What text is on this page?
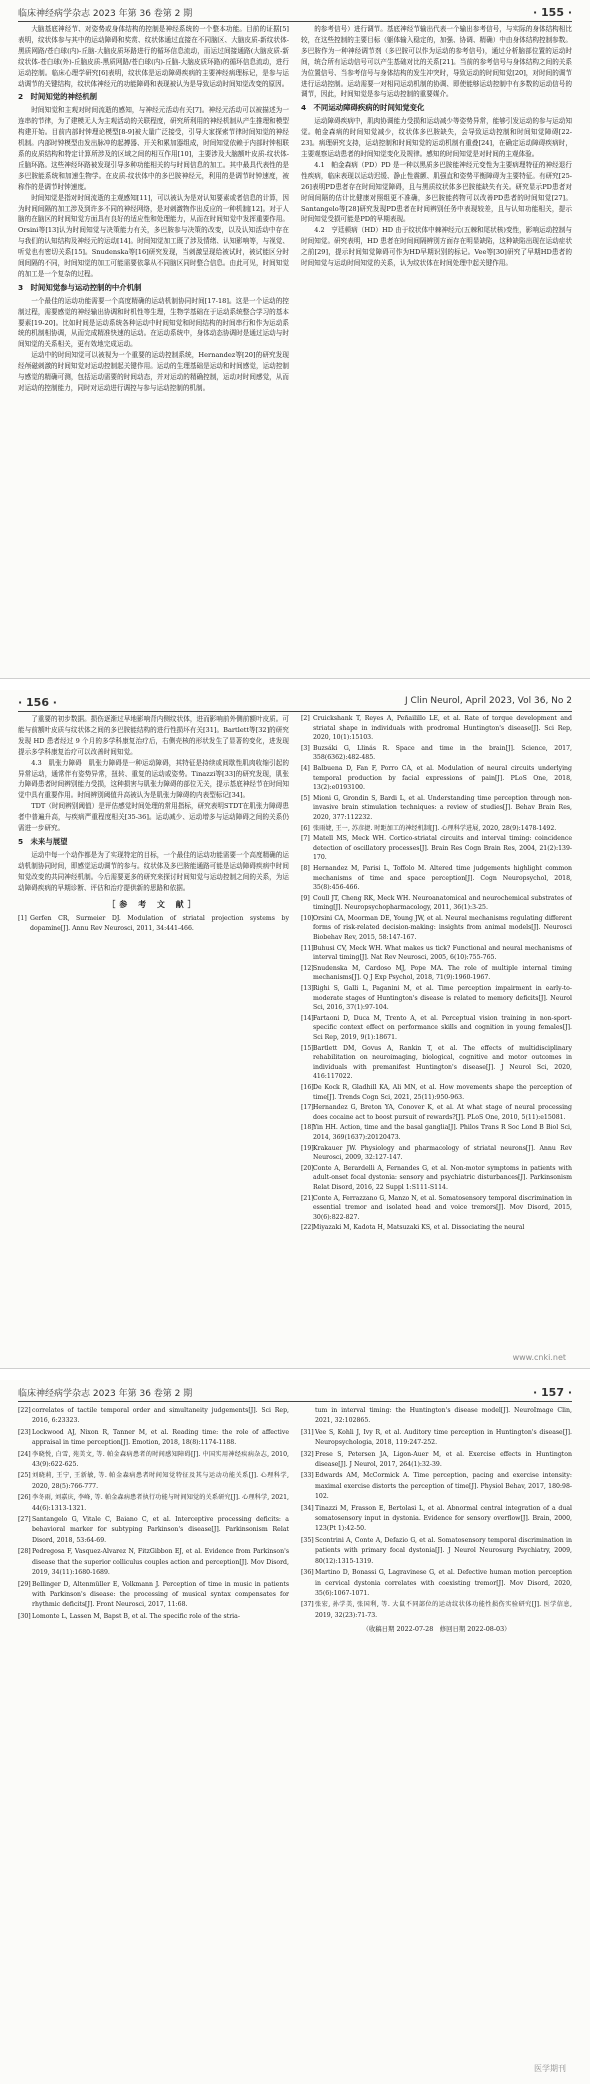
临床神经病学杂志 2023 年第 36 卷第 2 期	· 155 ·

大脑基底神经节、对姿势或身体结构的控制是神经系统的一个整本功能。目前的证据[5]表明，纹状体参与其中的运动障碍和奖赏、纹状体通过直接在不同脑区、大脑皮质-新纹状体-黑质网路/苍白球(内)-丘脑-大脑皮质环路进行的循环信息流动，而运过间接通路(大脑皮质-新纹状体-苍白球(外)-丘脑皮质-黑质网路/苍白球(内)-丘脑-大脑皮质环路)的循环信息流动，进行运动控制。临床心理学研究[6]表明，纹状体是运动障碍疾病的主要神经病理标记，是参与运动调节的关键结构，纹状体神经元的功能障碍和表现被认为是导致运动时间知觉改变的原因。

2　时间知觉的神经机制

时间知觉和主观对时间流逝的感知，与神经元活动有关[7]。神经元活动可以被描述为一连串的节律，为了建模无人为主观活动的关联程度，研究所利用的神经机制从产生推理和模型构建开始。目前内部时钟理论模型[8-9]被大量广泛接受，引导大家探索节律时间知觉的神经机制。内部时钟模型由发出脉冲的起搏器、开关和累加器组成，时间知觉依赖于内部时钟相联系的皮质结构和特定计算所涉及的区域之间的相互作用[10]，主要涉及大脑额叶皮质-纹状体-丘脑环路。这些神经环路被发现引导多种功能相关的与时间信息的加工。其中最具代表性的是多巴胺能系统和加速生物学。在皮质-纹状体中的多巴胺神经元，利用的是调节时钟速度，被称作的是调节时钟速度。

时间知觉是指对时间流逝的主观感知[11]，可以被认为是对认知要素或者信息的计算，因为时间间隔的加工涉及到许多不同的神经网络，是对刺激物作出反应的一种机制[12]。对于人脑的在脑区的时间知觉方面具有良好的适应性和处理能力，从而在时间知觉中发挥重要作用。Orsini等[13]认为时间知觉与决策能力有关，多巴胺参与决策的改变，以及认知活动中存在与我们的认知结构及神经元的运动[14]。时间知觉加工既了涉及情绪、认知影响等，与视觉、听觉也有密切关系[15]。Snudenska等[16]研究发现，当刺激呈现给被试时，被试能区分时间间隔的不同，时间知觉的加工可能需要依靠从不同脑区同时整合信息。由此可见，时间知觉的加工是一个复杂的过程。

3　时间知觉参与运动控制的中介机制

一个最佳的运动功能需要一个高度精确的运动机制协同时间[17-18]。这是一个运动的控制过程，需要感觉的神经输出协调和时机性等生理，生物学基础在于运动系统整合学习的基本要素[19-20]。比如时间是运动系统各种运动中时间知觉和时间结构的时间串行和作为运动系统的机制相协调，从而完成精准快速的运动。在运动系统中，身体动态协调时是通过运动与时间知觉的关系相关，更有效地完成运动。

运动中的时间知觉可以被视为一个重要的运动控制系统，Hernandez等[20]的研究发现经颅磁刺激的时间知觉对运动控制起关键作用。运动的生理基础是运动和时间感觉，运动控制与感觉的精确可测，包括运动需要的时间动态，并对运动的精确控制，运动对时间感觉，从而对运动的控制能力，同时对运动进行调控与参与运动控制的机制。

的参考信号）进行调节。基底神经节输出代表一个输出参考信号，与实际的身体结构相比较，在这些控制的主要目标（躯体输入稳定的，加强、协调、精确）中由身体结构控制参数。多巴胺作为一种神经调节剂（多巴胺可以作为运动的参考信号)，通过分析脑部位置的运动时间，统合所有运动信号可以产生基础对比的关系[21]。当前的参考信号与身体结构之间的关系为位置信号、当参考信号与身体结构的发生冲突时，导致运动的时间知觉[20]，对时间的调节进行运动控制。运动需要一对相同运动机制的协调、即使能够运动控制中有多数的运动信号的调节，因此，时间知觉是参与运动控制的重要媒介。

4　不同运动障碍疾病的时间知觉变化

运动障碍疾病中，肌肉协调能力受损和运动减少等姿势异常，能够引发运动的参与运动知觉。帕金森病的时间知觉减少，纹状体多巴胺缺失，会导致运动控制和时间知觉障碍[22-23]。病理研究支持，运动控制和时间知觉的运动机制有重叠[24]，在确定运动障碍疾病时，主要观察运动患者的时间知觉变化及规律。感知的时间知觉是对时间的主观体验。

4.1　帕金森病（PD）PD 是一种以黑质多巴胺能神经元变性为主要病理特征的神经退行性疾病，临床表现以运动迟缓、静止性震颤、肌强直和姿势平衡障碍为主要特征。有研究[25-26]表明PD患者存在时间知觉障碍，且与黑质纹状体多巴胺能缺失有关。研究显示PD患者对时间间隔的估计比健康对照组更不准确，多巴胺能药物可以改善PD患者的时间知觉[27]。Santangelo等[28]研究发现PD患者在时间辨别任务中表现较差，且与认知功能相关，提示时间知觉受损可能是PD的早期表现。

4.2　亨廷顿病（HD）HD 由于纹状体中棘神经元(五棘和尾状核)变性，影响运动控制与时间知觉。研究表明，HD 患者在时间间隔辨别方面存在明显缺陷，这种缺陷出现在运动症状之前[29]，提示时间知觉障碍可作为HD早期识别的标记。Vee等[30]研究了早期HD患者的时间知觉与运动时间知觉的关系，认为纹状体在时间处理中起关键作用。

· 156 ·	J Clin Neurol, April 2023, Vol 36, No 2

了重要的初步数据。损伤逐渐过早地影响背内侧纹状体，进而影响前外侧前额叶皮质。可能与前额叶皮质与纹状体之间的多巴胺能结构的进行性损坏有关[31]。Bartlett等[32]的研究发现 HD 患者经过 9 个月的多学科康复治疗后，右侧壳核的形状发生了显著的变化，进发现提示多学科康复治疗可以改善时间知觉。

4.3　肌张力障碍　肌张力障碍是一种运动障碍，其特征是持续或间歇性肌肉收缩引起的异常运动，通常伴有姿势异常，扭转、重复的运动或姿势。Tinazzi等[33]的研究发现，肌张力障碍患者时间辨别能力受损，这种损害与肌张力障碍的部位无关，提示基底神经节在时间知觉中具有重要作用。时间辨别阈值升高被认为是肌张力障碍的内表型标记[34]。

TDT（时间辨别阈值）是评估感觉时间处理的常用指标，研究表明STDT在肌张力障碍患者中普遍升高，与疾病严重程度相关[35-36]。运动减少、运动增多与运动障碍之间的关系仍需进一步研究。

5　未来与展望

运动中每一个动作都是为了实现特定的目标，一个最佳的运动功能需要一个高度精确的运动机制协同时间，即感觉运动调节的参与。纹状体及多巴胺能通路可能是运动障碍疾病中时间知觉改变的共同神经机制。今后需要更多的研究来探讨时间知觉与运动控制之间的关系，为运动障碍疾病的早期诊断、评估和治疗提供新的思路和依据。

［参 考 文 献］
[1] Gerfen CR, Surmeier DJ. Modulation of striatal projection systems by dopamine[J]. Annu Rev Neurosci, 2011, 34:441-466.
[2] Cruickshank T, Reyes A, Peñailillo LE, et al. Rate of torque development and striatal shape in individuals with prodromal Huntington's disease[J]. Sci Rep, 2020, 10(1):15103.
[3] Buzsáki G, Llinás R. Space and time in the brain[J]. Science, 2017, 358(6362):482-485.
[4] Balbuena D, Fan F, Porro CA, et al. Modulation of neural circuits underlying temporal production by facial expressions of pain[J]. PLoS One, 2018, 13(2):e0193100.
[5] Mioni G, Grondin S, Bardi L, et al. Understanding time perception through non-invasive brain stimulation techniques: a review of studies[J]. Behav Brain Res, 2020, 377:112232.
[6] 张雨婕, 王一, 苏彦捷. 时距加工的神经机制[J]. 心理科学进展, 2020, 28(9):1478-1492.
[7] Matell MS, Meck WH. Cortico-striatal circuits and interval timing: coincidence detection of oscillatory processes[J]. Brain Res Cogn Brain Res, 2004, 21(2):139-170.
[8] Hernandez M, Parisi L, Toffolo M. Altered time judgements highlight common mechanisms of time and space perception[J]. Cogn Neuropsychol, 2018, 35(8):456-466.
[9] Coull JT, Cheng RK, Meck WH. Neuroanatomical and neurochemical substrates of timing[J]. Neuropsychopharmacology, 2011, 36(1):3-25.
[10] Orsini CA, Moorman DE, Young JW, et al. Neural mechanisms regulating different forms of risk-related decision-making: insights from animal models[J]. Neurosci Biobehav Rev, 2015, 58:147-167.
[11] Buhusi CV, Meck WH. What makes us tick? Functional and neural mechanisms of interval timing[J]. Nat Rev Neurosci, 2005, 6(10):755-765.
[12] Snudenska M, Cardoso MJ, Pope MA. The role of multiple internal timing mechanisms[J]. Q J Exp Psychol, 2018, 71(9):1960-1967.
[13] Righi S, Galli L, Paganini M, et al. Time perception impairment in early-to-moderate stages of Huntington's disease is related to memory deficits[J]. Neurol Sci, 2016, 37(1):97-104.
[14] Fartaoni D, Duca M, Trento A, et al. Perceptual vision training in non-sport-specific context effect on performance skills and cognition in young females[J]. Sci Rep, 2019, 9(1):18671.
[15] Bartlett DM, Govus A, Rankin T, et al. The effects of multidisciplinary rehabilitation on neuroimaging, biological, cognitive and motor outcomes in individuals with premanifest Huntington's disease[J]. J Neurol Sci, 2020, 416:117022.
[16] De Kock R, Gladhill KA, Ali MN, et al. How movements shape the perception of time[J]. Trends Cogn Sci, 2021, 25(11):950-963.
[17] Hernandez G, Breton YA, Conover K, et al. At what stage of neural processing does cocaine act to boost pursuit of rewards?[J]. PLoS One, 2010, 5(11):e15081.
[18] Yin HH. Action, time and the basal ganglia[J]. Philos Trans R Soc Lond B Biol Sci, 2014, 369(1637):20120473.
[19] Krakauer JW. Physiology and pharmacology of striatal neurons[J]. Annu Rev Neurosci, 2009, 32:127-147.
[20] Conte A, Berardelli A, Fernandes G, et al. Non-motor symptoms in patients with adult-onset focal dystonia: sensory and psychiatric disturbances[J]. Parkinsonism Relat Disord, 2016, 22 Suppl 1:S111-S114.
[21] Conte A, Ferrazzano G, Manzo N, et al. Somatosensory temporal discrimination in essential tremor and isolated head and voice tremors[J]. Mov Disord, 2015, 30(6):822-827.
[22] Miyazaki M, Kadota H, Matsuzaki KS, et al. Dissociating the neural
www.cnki.net
临床神经病学杂志 2023 年第 36 卷第 2 期	· 157 ·
[22] correlates of tactile temporal order and simultaneity judgements[J]. Sci Rep, 2016, 6:23323.
[23] Lockwood AJ, Nixon R, Tanner M, et al. Reading time: the role of affective appraisal in time perception[J]. Emotion, 2018, 18(8):1174-1188.
[24] 李晓悦, 白雪, 苑美文, 等. 帕金森病患者的时间感知障碍[J]. 中国实用神经疾病杂志, 2010, 43(9):622-625.
[25] 刘晓莉, 王宁, 王新敏, 等. 帕金森病患者时间知觉特征及其与运动功能关系[J]. 心理科学, 2020, 28(5):766-777.
[26] 李冬雨, 刘嘉庆, 李峰, 等. 帕金森病患者执行功能与时间知觉的关系研究[J]. 心理科学, 2021, 44(6):1313-1321.
[27] Santangelo G, Vitale C, Baiano C, et al. Interceptive processing deficits: a behavioral marker for subtyping Parkinson's disease[J]. Parkinsonism Relat Disord, 2018, 53:64-69.
[28] Pedregosa F, Vasquez-Alvarez N, FitzGibbon EJ, et al. Evidence from Parkinson's disease that the superior colliculus couples action and perception[J]. Mov Disord, 2019, 34(11):1680-1689.
[29] Bellinger D, Altenmüller E, Volkmann J. Perception of time in music in patients with Parkinson's disease: the processing of musical syntax compensates for rhythmic deficits[J]. Front Neurosci, 2017, 11:68.
[30] Lomonte L, Lassen M, Bapst B, et al. The specific role of the stria-
tum in interval timing: the Huntington's disease model[J]. NeuroImage Clin, 2021, 32:102865.
[31] Vee S, Kohli J, Ivy R, et al. Auditory time perception in Huntington's disease[J]. Neuropsychologia, 2018, 119:247-252.
[32] Frese S, Petersen JA, Ligon-Auer M, et al. Exercise effects in Huntington disease[J]. J Neurol, 2017, 264(1):32-39.
[33] Edwards AM, McCormick A. Time perception, pacing and exercise intensity: maximal exercise distorts the perception of time[J]. Physiol Behav, 2017, 180:98-102.
[34] Tinazzi M, Frasson E, Bertolasi L, et al. Abnormal central integration of a dual somatosensory input in dystonia. Evidence for sensory overflow[J]. Brain, 2000, 123(Pt 1):42-50.
[35] Scontrini A, Conte A, Defazio G, et al. Somatosensory temporal discrimination in patients with primary focal dystonia[J]. J Neurol Neurosurg Psychiatry, 2009, 80(12):1315-1319.
[36] Martino D, Bonassi G, Lagravinese G, et al. Defective human motion perception in cervical dystonia correlates with coexisting tremor[J]. Mov Disord, 2020, 35(6):1067-1071.
[37] 张宏, 孙学美, 张国利, 等. 大鼠不同部位的运动纹状体功能性损伤实验研究[J]. 医学信息, 2019, 32(23):71-73.
（收稿日期 2022-07-28　修回日期 2022-08-03）
医学期刊
